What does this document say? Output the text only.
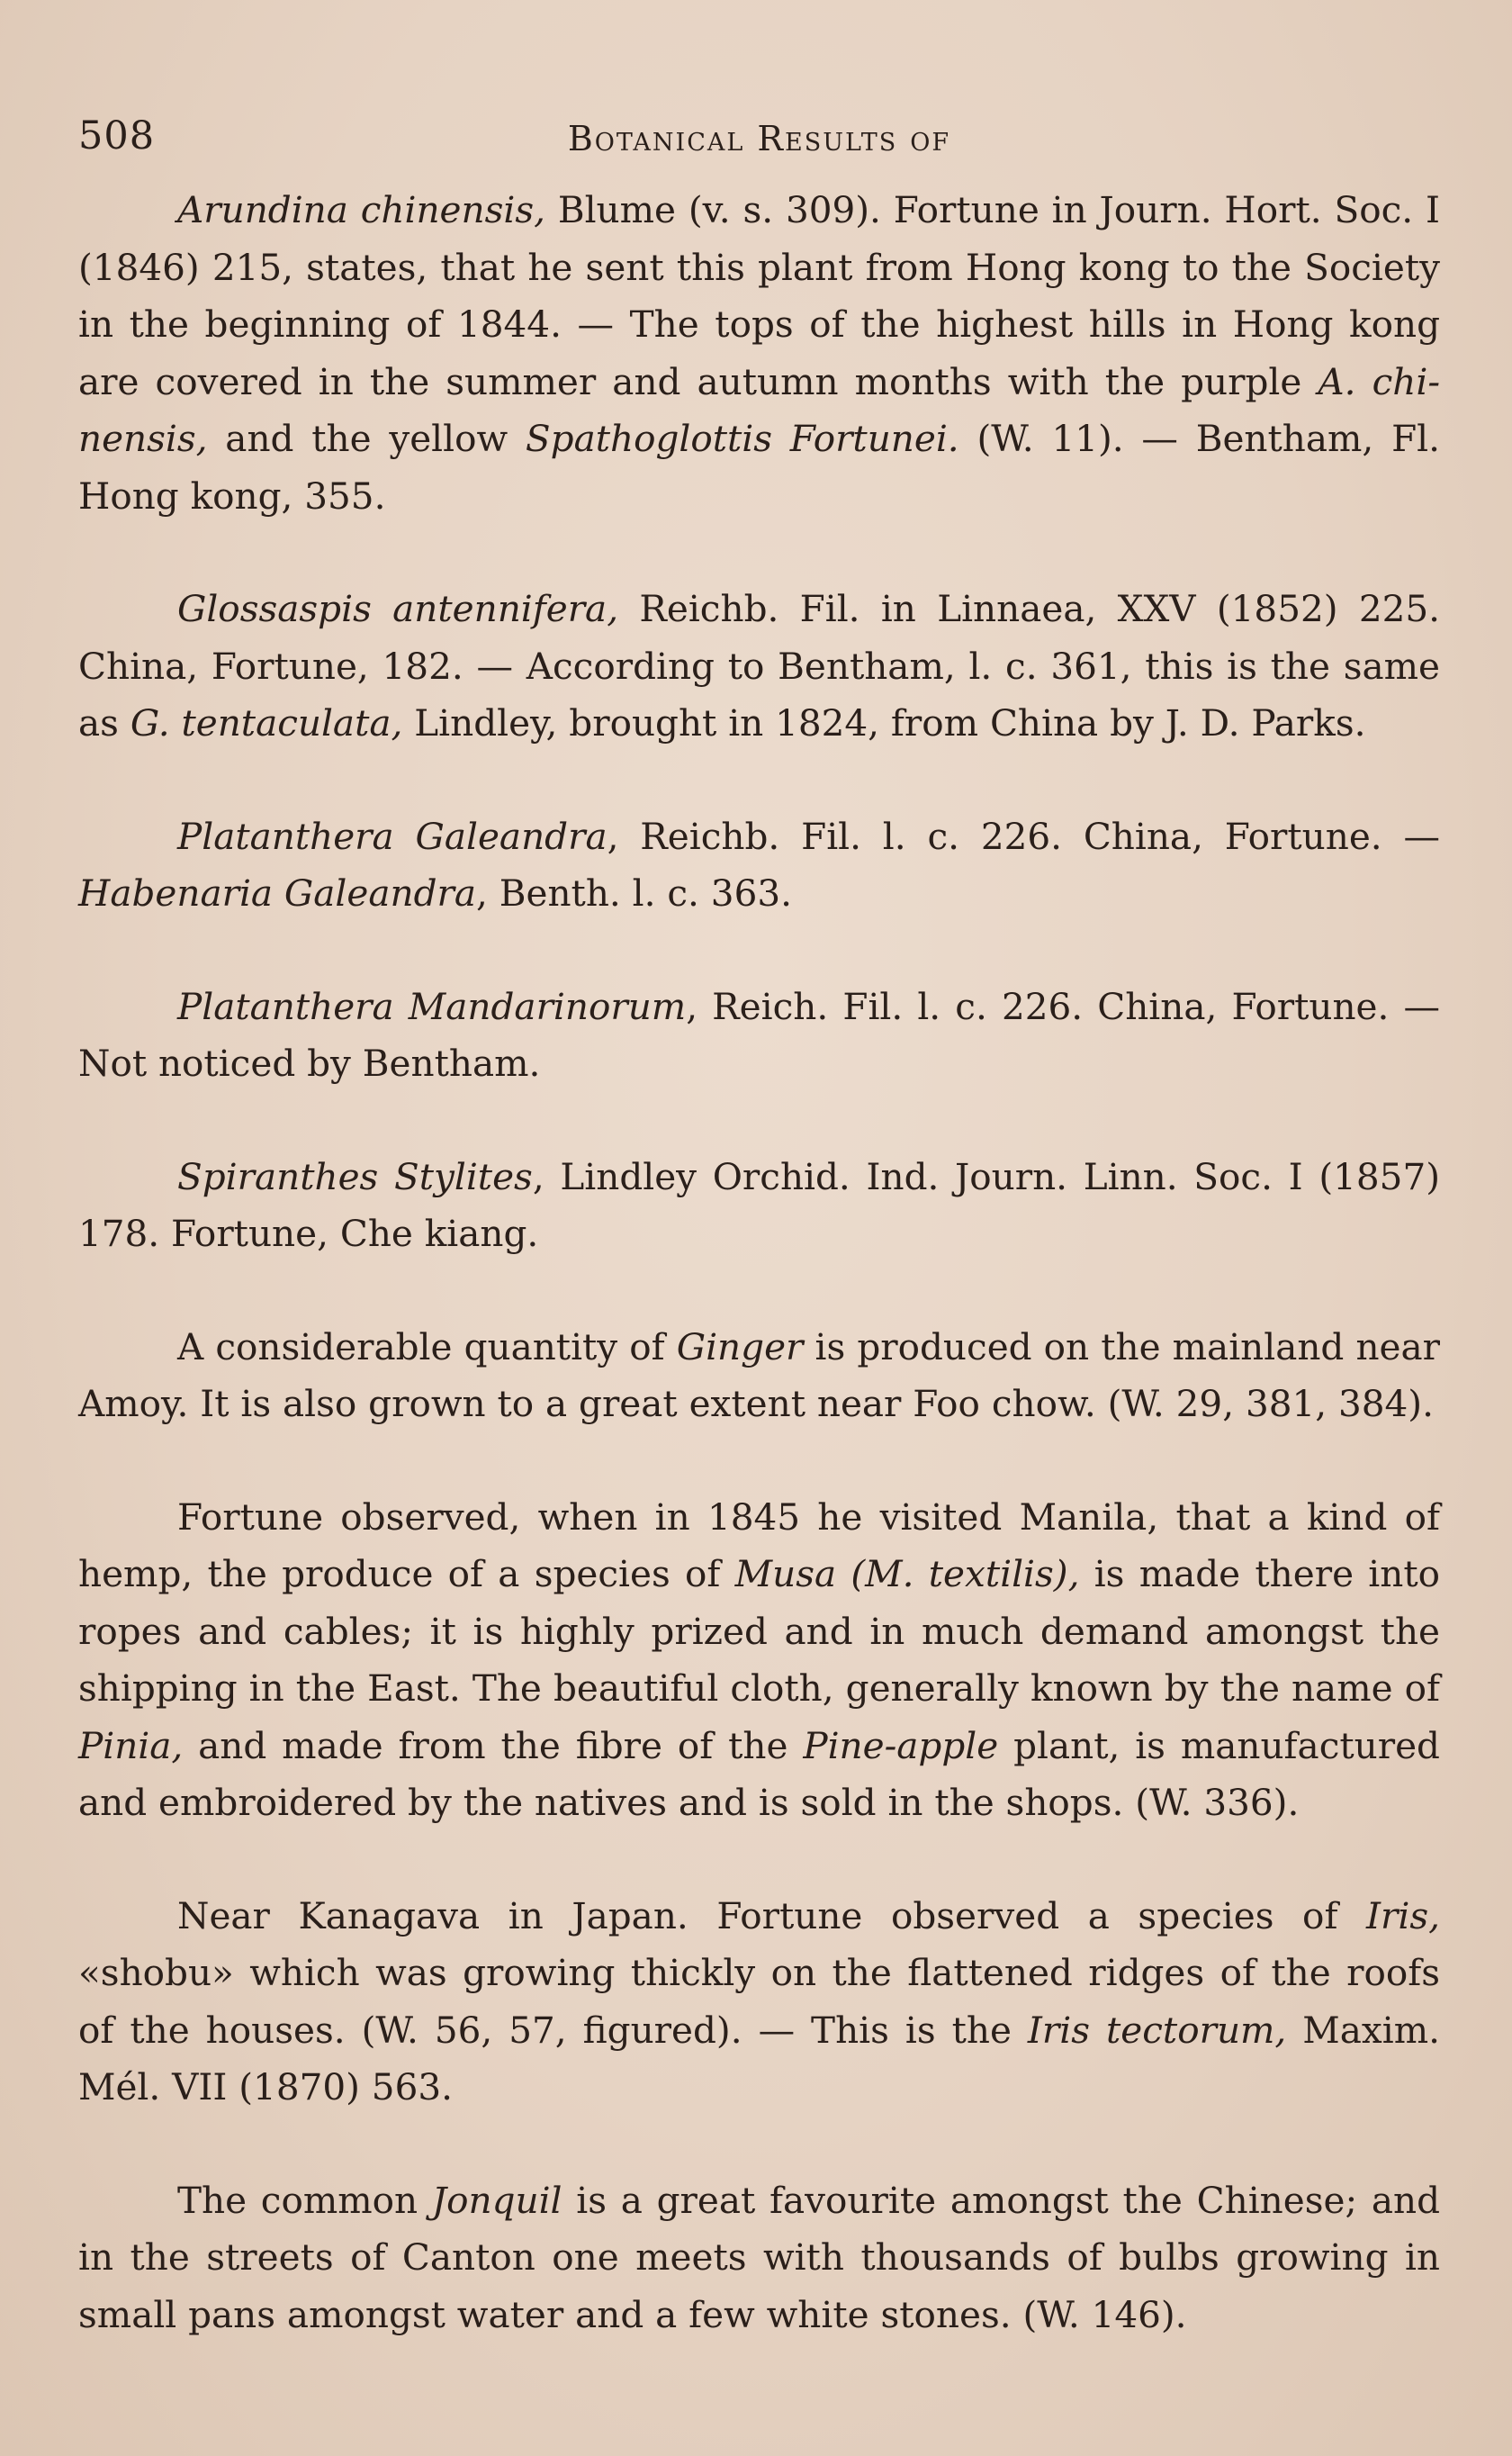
508	Botanical Results of

Arundina chinensis, Blume (v. s. 309). Fortune in Journ. Hort. Soc. I (1846) 215, states, that he sent this plant from Hong kong to the Society in the beginning of 1844. — The tops of the highest hills in Hong kong are covered in the summer and autumn months with the purple A. chinensis, and the yellow Spathoglottis Fortunei. (W. 11). — Bentham, Fl. Hong kong, 355.

Glossaspis antennifera, Reichb. Fil. in Linnaea, XXV (1852) 225. China, Fortune, 182. — According to Bentham, l. c. 361, this is the same as G. tentaculata, Lindley, brought in 1824, from China by J. D. Parks.

Platanthera Galeandra, Reichb. Fil. l. c. 226. China, Fortune. — Habenaria Galeandra, Benth. l. c. 363.

Platanthera Mandarinorum, Reich. Fil. l. c. 226. China, Fortune. — Not noticed by Bentham.

Spiranthes Stylites, Lindley Orchid. Ind. Journ. Linn. Soc. I (1857) 178. Fortune, Che kiang.

A considerable quantity of Ginger is produced on the mainland near Amoy. It is also grown to a great extent near Foo chow. (W. 29, 381, 384).

Fortune observed, when in 1845 he visited Manila, that a kind of hemp, the produce of a species of Musa (M. textilis), is made there into ropes and cables; it is highly prized and in much demand amongst the shipping in the East. The beautiful cloth, generally known by the name of Pinia, and made from the fibre of the Pine-apple plant, is manufactured and embroidered by the natives and is sold in the shops. (W. 336).

Near Kanagava in Japan. Fortune observed a species of Iris, «shobu» which was growing thickly on the flattened ridges of the roofs of the houses. (W. 56, 57, figured). — This is the Iris tectorum, Maxim. Mél. VII (1870) 563.

The common Jonquil is a great favourite amongst the Chinese; and in the streets of Canton one meets with thousands of bulbs growing in small pans amongst water and a few white stones. (W. 146).
